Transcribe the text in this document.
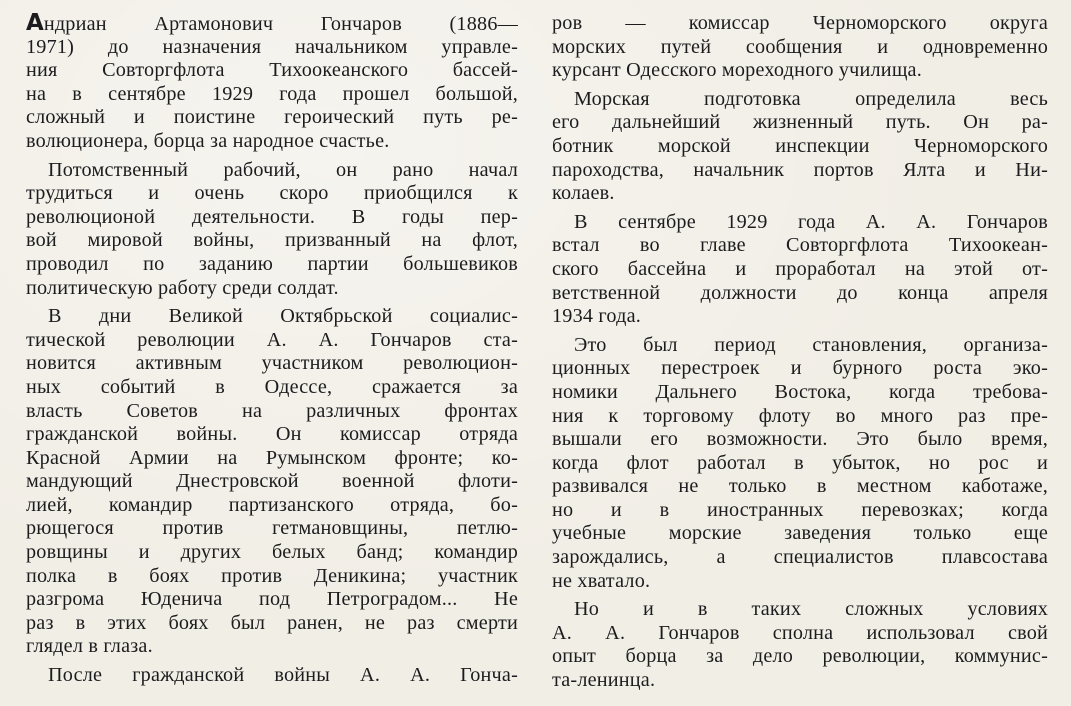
Андриан Артамонович Гончаров (1886—
1971) до назначения начальником управле-
ния Совторгфлота Тихоокеанского бассей-
на в сентябре 1929 года прошел большой,
сложный и поистине героический путь ре-
волюционера, борца за народное счастье.
Потомственный рабочий, он рано начал
трудиться и очень скоро приобщился к
революционой деятельности. В годы пер-
вой мировой войны, призванный на флот,
проводил по заданию партии большевиков
политическую работу среди солдат.
В дни Великой Октябрьской социалис-
тической революции А. А. Гончаров ста-
новится активным участником революцион-
ных событий в Одессе, сражается за
власть Советов на различных фронтах
гражданской войны. Он комиссар отряда
Красной Армии на Румынском фронте; ко-
мандующий Днестровской военной флоти-
лией, командир партизанского отряда, бо-
рющегося против гетмановщины, петлю-
ровщины и других белых банд; командир
полка в боях против Деникина; участник
разгрома Юденича под Петроградом... Не
раз в этих боях был ранен, не раз смерти
глядел в глаза.
После гражданской войны А. А. Гонча-
ров — комиссар Черноморского округа
морских путей сообщения и одновременно
курсант Одесского мореходного училища.
Морская подготовка определила весь
его дальнейший жизненный путь. Он ра-
ботник морской инспекции Черноморского
пароходства, начальник портов Ялта и Ни-
колаев.
В сентябре 1929 года А. А. Гончаров
встал во главе Совторгфлота Тихоокеан-
ского бассейна и проработал на этой от-
ветственной должности до конца апреля
1934 года.
Это был период становления, организа-
ционных перестроек и бурного роста эко-
номики Дальнего Востока, когда требова-
ния к торговому флоту во много раз пре-
вышали его возможности. Это было время,
когда флот работал в убыток, но рос и
развивался не только в местном каботаже,
но и в иностранных перевозках; когда
учебные морские заведения только еще
зарождались, а специалистов плавсостава
не хватало.
Но и в таких сложных условиях
А. А. Гончаров сполна использовал свой
опыт борца за дело революции, коммунис-
та-ленинца.
